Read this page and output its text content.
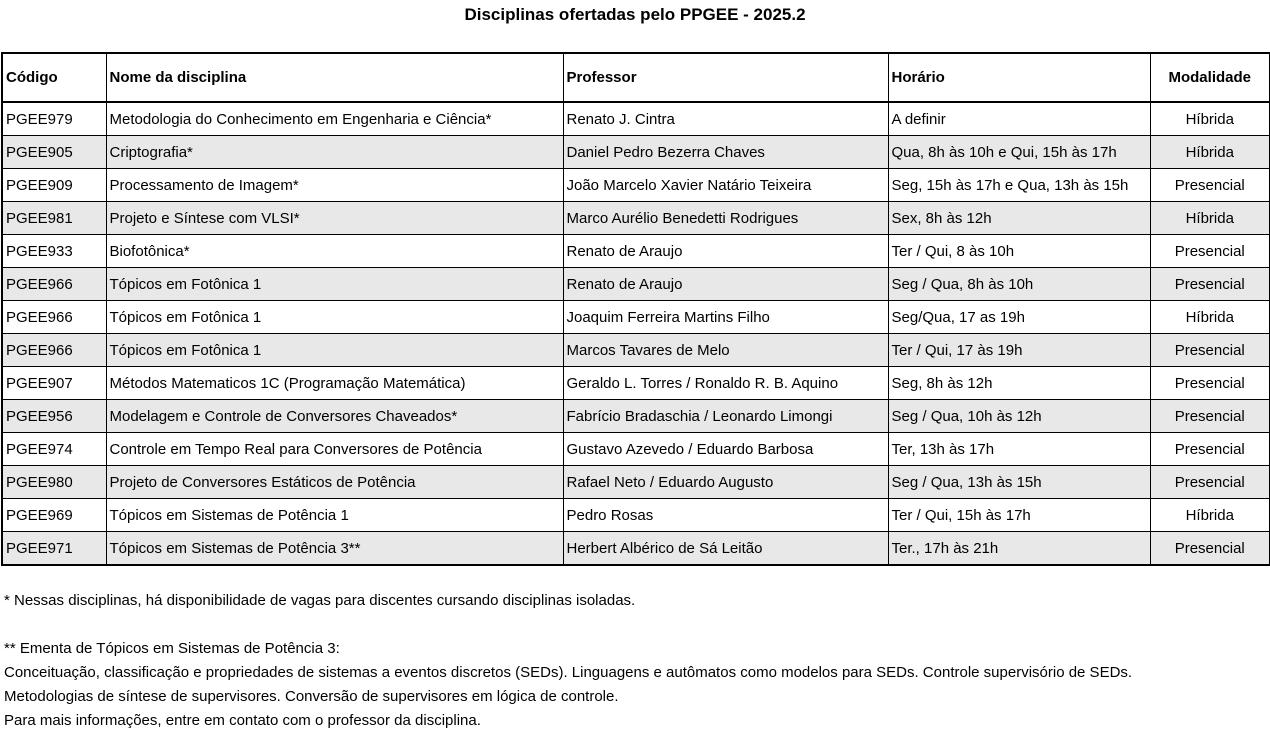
Disciplinas ofertadas pelo PPGEE - 2025.2
Código	Nome da disciplina	Professor	Horário	Modalidade
PGEE979	Metodologia do Conhecimento em Engenharia e Ciência*	Renato J. Cintra	A definir	Híbrida
PGEE905	Criptografia*	Daniel Pedro Bezerra Chaves	Qua, 8h às 10h e Qui, 15h às 17h	Híbrida
PGEE909	Processamento de Imagem*	João Marcelo Xavier Natário Teixeira	Seg, 15h às 17h e Qua, 13h às 15h	Presencial
PGEE981	Projeto e Síntese com VLSI*	Marco Aurélio Benedetti Rodrigues	Sex, 8h às 12h	Híbrida
PGEE933	Biofotônica*	Renato de Araujo	Ter / Qui, 8 às 10h	Presencial
PGEE966	Tópicos em Fotônica 1	Renato de Araujo	Seg / Qua, 8h às 10h	Presencial
PGEE966	Tópicos em Fotônica 1	Joaquim Ferreira Martins Filho	Seg/Qua, 17 as 19h	Híbrida
PGEE966	Tópicos em Fotônica 1	Marcos Tavares de Melo	Ter / Qui, 17 às 19h	Presencial
PGEE907	Métodos Matematicos 1C (Programação Matemática)	Geraldo L. Torres / Ronaldo R. B. Aquino	Seg, 8h às 12h	Presencial
PGEE956	Modelagem e Controle de Conversores Chaveados*	Fabrício Bradaschia / Leonardo Limongi	Seg / Qua, 10h às 12h	Presencial
PGEE974	Controle em Tempo Real para Conversores de Potência	Gustavo Azevedo / Eduardo Barbosa	Ter, 13h às 17h	Presencial
PGEE980	Projeto de Conversores Estáticos de Potência	Rafael Neto / Eduardo Augusto	Seg / Qua, 13h às 15h	Presencial
PGEE969	Tópicos em Sistemas de Potência 1	Pedro Rosas	Ter / Qui, 15h às 17h	Híbrida
PGEE971	Tópicos em Sistemas de Potência 3**	Herbert Albérico de Sá Leitão	Ter., 17h às 21h	Presencial
* Nessas disciplinas, há disponibilidade de vagas para discentes cursando disciplinas isoladas.
** Ementa de Tópicos em Sistemas de Potência 3:
Conceituação, classificação e propriedades de sistemas a eventos discretos (SEDs). Linguagens e autômatos como modelos para SEDs. Controle supervisório de SEDs.
Metodologias de síntese de supervisores. Conversão de supervisores em lógica de controle.
Para mais informações, entre em contato com o professor da disciplina.
